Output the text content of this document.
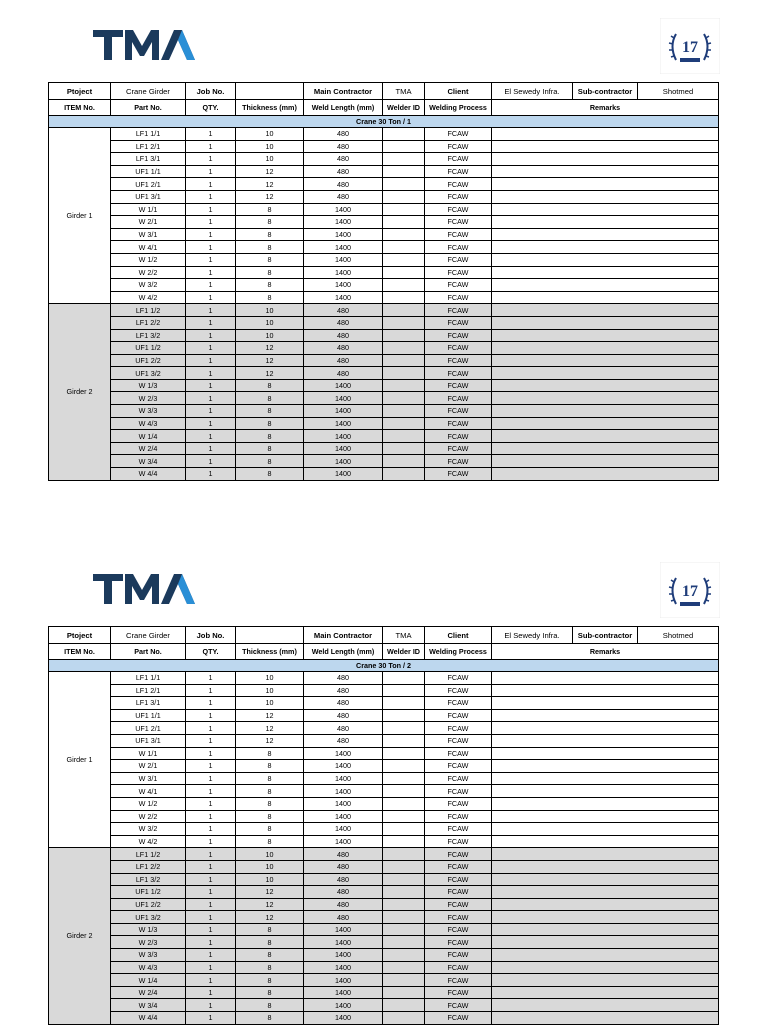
17
Ptoject	Crane Girder	Job No.		Main Contractor	TMA	Client	El Sewedy Infra.	Sub-contractor	Shotmed
ITEM No.	Part No.	QTY.	Thickness (mm)	Weld Length (mm)	Welder ID	Welding Process	Remarks		
Crane 30 Ton / 1									
Girder 1	LF1 1/1	1	10	480		FCAW			
	LF1 2/1	1	10	480		FCAW			
	LF1 3/1	1	10	480		FCAW			
	UF1 1/1	1	12	480		FCAW			
	UF1 2/1	1	12	480		FCAW			
	UF1 3/1	1	12	480		FCAW			
	W 1/1	1	8	1400		FCAW			
	W 2/1	1	8	1400		FCAW			
	W 3/1	1	8	1400		FCAW			
	W 4/1	1	8	1400		FCAW			
	W 1/2	1	8	1400		FCAW			
	W 2/2	1	8	1400		FCAW			
	W 3/2	1	8	1400		FCAW			
	W 4/2	1	8	1400		FCAW			
Girder 2	LF1 1/2	1	10	480		FCAW			
	LF1 2/2	1	10	480		FCAW			
	LF1 3/2	1	10	480		FCAW			
	UF1 1/2	1	12	480		FCAW			
	UF1 2/2	1	12	480		FCAW			
	UF1 3/2	1	12	480		FCAW			
	W 1/3	1	8	1400		FCAW			
	W 2/3	1	8	1400		FCAW			
	W 3/3	1	8	1400		FCAW			
	W 4/3	1	8	1400		FCAW			
	W 1/4	1	8	1400		FCAW			
	W 2/4	1	8	1400		FCAW			
	W 3/4	1	8	1400		FCAW			
	W 4/4	1	8	1400		FCAW			
17
Ptoject	Crane Girder	Job No.		Main Contractor	TMA	Client	El Sewedy Infra.	Sub-contractor	Shotmed
ITEM No.	Part No.	QTY.	Thickness (mm)	Weld Length (mm)	Welder ID	Welding Process	Remarks		
Crane 30 Ton / 2									
Girder 1	LF1 1/1	1	10	480		FCAW			
	LF1 2/1	1	10	480		FCAW			
	LF1 3/1	1	10	480		FCAW			
	UF1 1/1	1	12	480		FCAW			
	UF1 2/1	1	12	480		FCAW			
	UF1 3/1	1	12	480		FCAW			
	W 1/1	1	8	1400		FCAW			
	W 2/1	1	8	1400		FCAW			
	W 3/1	1	8	1400		FCAW			
	W 4/1	1	8	1400		FCAW			
	W 1/2	1	8	1400		FCAW			
	W 2/2	1	8	1400		FCAW			
	W 3/2	1	8	1400		FCAW			
	W 4/2	1	8	1400		FCAW			
Girder 2	LF1 1/2	1	10	480		FCAW			
	LF1 2/2	1	10	480		FCAW			
	LF1 3/2	1	10	480		FCAW			
	UF1 1/2	1	12	480		FCAW			
	UF1 2/2	1	12	480		FCAW			
	UF1 3/2	1	12	480		FCAW			
	W 1/3	1	8	1400		FCAW			
	W 2/3	1	8	1400		FCAW			
	W 3/3	1	8	1400		FCAW			
	W 4/3	1	8	1400		FCAW			
	W 1/4	1	8	1400		FCAW			
	W 2/4	1	8	1400		FCAW			
	W 3/4	1	8	1400		FCAW			
	W 4/4	1	8	1400		FCAW			
